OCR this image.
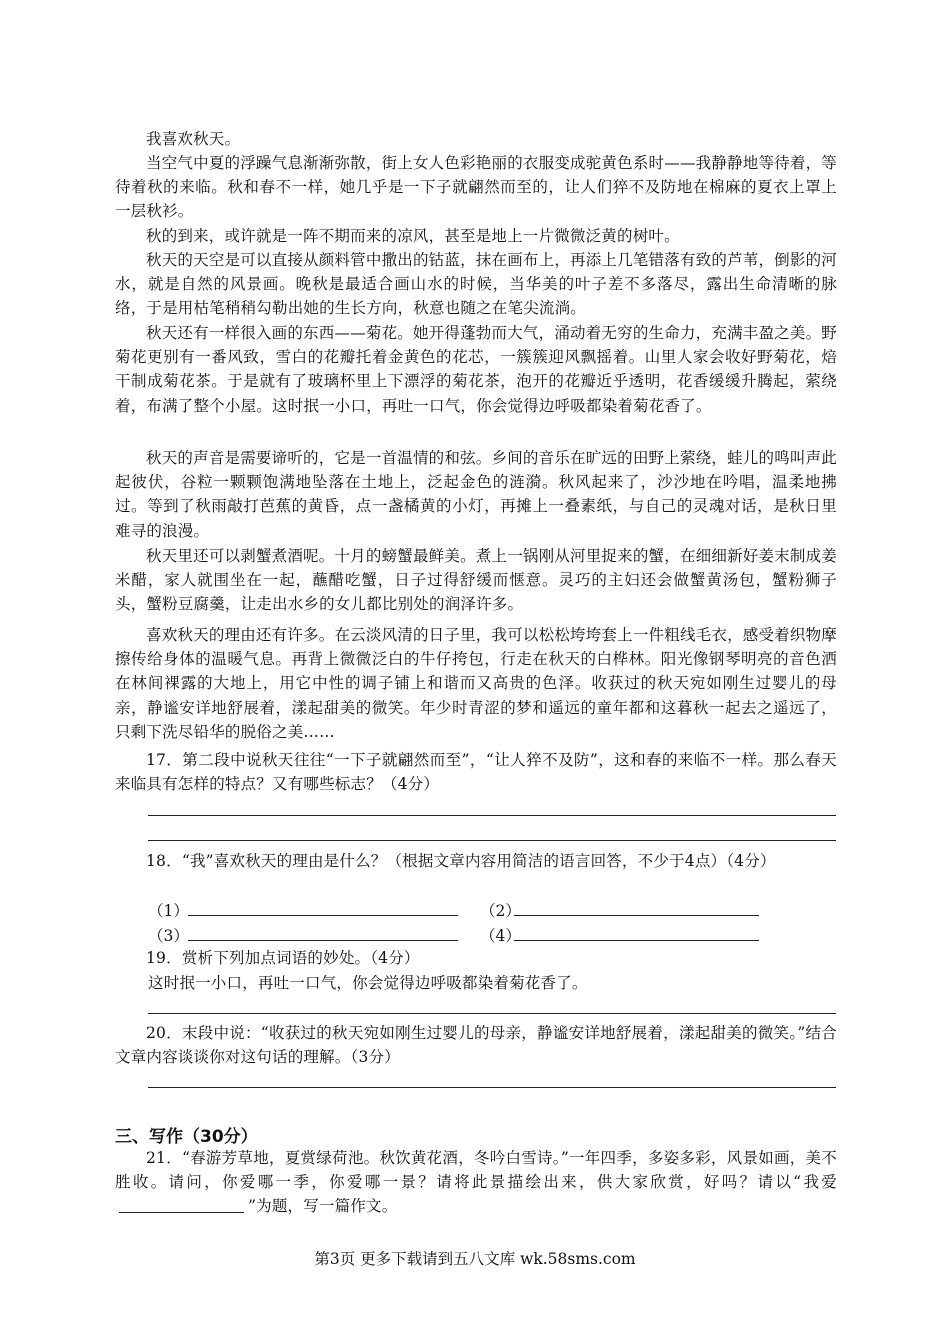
我喜欢秋天。

当空气中夏的浮躁气息渐渐弥散，街上女人色彩艳丽的衣服变成驼黄色系时——我静静地等待着，等待着秋的来临。秋和春不一样，她几乎是一下子就翩然而至的，让人们猝不及防地在棉麻的夏衣上罩上一层秋衫。

秋的到来，或许就是一阵不期而来的凉风，甚至是地上一片微微泛黄的树叶。

秋天的天空是可以直接从颜料管中撒出的钴蓝，抹在画布上，再添上几笔错落有致的芦苇，倒影的河水，就是自然的风景画。晚秋是最适合画山水的时候，当华美的叶子差不多落尽，露出生命清晰的脉络，于是用枯笔稍稍勾勒出她的生长方向，秋意也随之在笔尖流淌。

秋天还有一样很入画的东西——菊花。她开得蓬勃而大气，涌动着无穷的生命力，充满丰盈之美。野菊花更别有一番风致，雪白的花瓣托着金黄色的花芯，一簇簇迎风飘摇着。山里人家会收好野菊花，焙干制成菊花茶。于是就有了玻璃杯里上下漂浮的菊花茶，泡开的花瓣近乎透明，花香缓缓升腾起，萦绕着，布满了整个小屋。这时抿一小口，再吐一口气，你会觉得边呼吸都染着菊花香了。

秋天的声音是需要谛听的，它是一首温情的和弦。乡间的音乐在旷远的田野上萦绕，蛙儿的鸣叫声此起彼伏，谷粒一颗颗饱满地坠落在土地上，泛起金色的涟漪。秋风起来了，沙沙地在吟唱，温柔地拂过。等到了秋雨敲打芭蕉的黄昏，点一盏橘黄的小灯，再摊上一叠素纸，与自己的灵魂对话，是秋日里难寻的浪漫。

秋天里还可以剥蟹煮酒呢。十月的螃蟹最鲜美。煮上一锅刚从河里捉来的蟹，在细细新好姜末制成姜米醋，家人就围坐在一起，蘸醋吃蟹，日子过得舒缓而惬意。灵巧的主妇还会做蟹黄汤包，蟹粉狮子头，蟹粉豆腐羹，让走出水乡的女儿都比别处的润泽许多。

喜欢秋天的理由还有许多。在云淡风清的日子里，我可以松松垮垮套上一件粗线毛衣，感受着织物摩擦传给身体的温暖气息。再背上微微泛白的牛仔挎包，行走在秋天的白桦林。阳光像钢琴明亮的音色洒在林间裸露的大地上，用它中性的调子铺上和谐而又高贵的色泽。收获过的秋天宛如刚生过婴儿的母亲，静谧安详地舒展着，漾起甜美的微笑。年少时青涩的梦和遥远的童年都和这暮秋一起去之遥远了，只剩下洗尽铅华的脱俗之美……

17．第二段中说秋天往往“一下子就翩然而至”，“让人猝不及防”，这和春的来临不一样。那么春天来临具有怎样的特点？又有哪些标志？（4分）

18．“我”喜欢秋天的理由是什么？（根据文章内容用简洁的语言回答，不少于4点）（4分）

（1）	（2）
（3）	（4）

19．赏析下列加点词语的妙处。（4分）

这时抿一小口，再吐一口气，你会觉得边呼吸都染着菊花香了。

20．末段中说：“收获过的秋天宛如刚生过婴儿的母亲，静谧安详地舒展着，漾起甜美的微笑。”结合文章内容谈谈你对这句话的理解。（3分）

三、写作（30分）

21．“春游芳草地，夏赏绿荷池。秋饮黄花酒，冬吟白雪诗。”一年四季，多姿多彩，风景如画，美不胜收。请问，你爱哪一季，你爱哪一景？请将此景描绘出来，供大家欣赏，好吗？请以“我爱”为题，写一篇作文。

第3页 更多下载请到五八文库 wk.58sms.com
